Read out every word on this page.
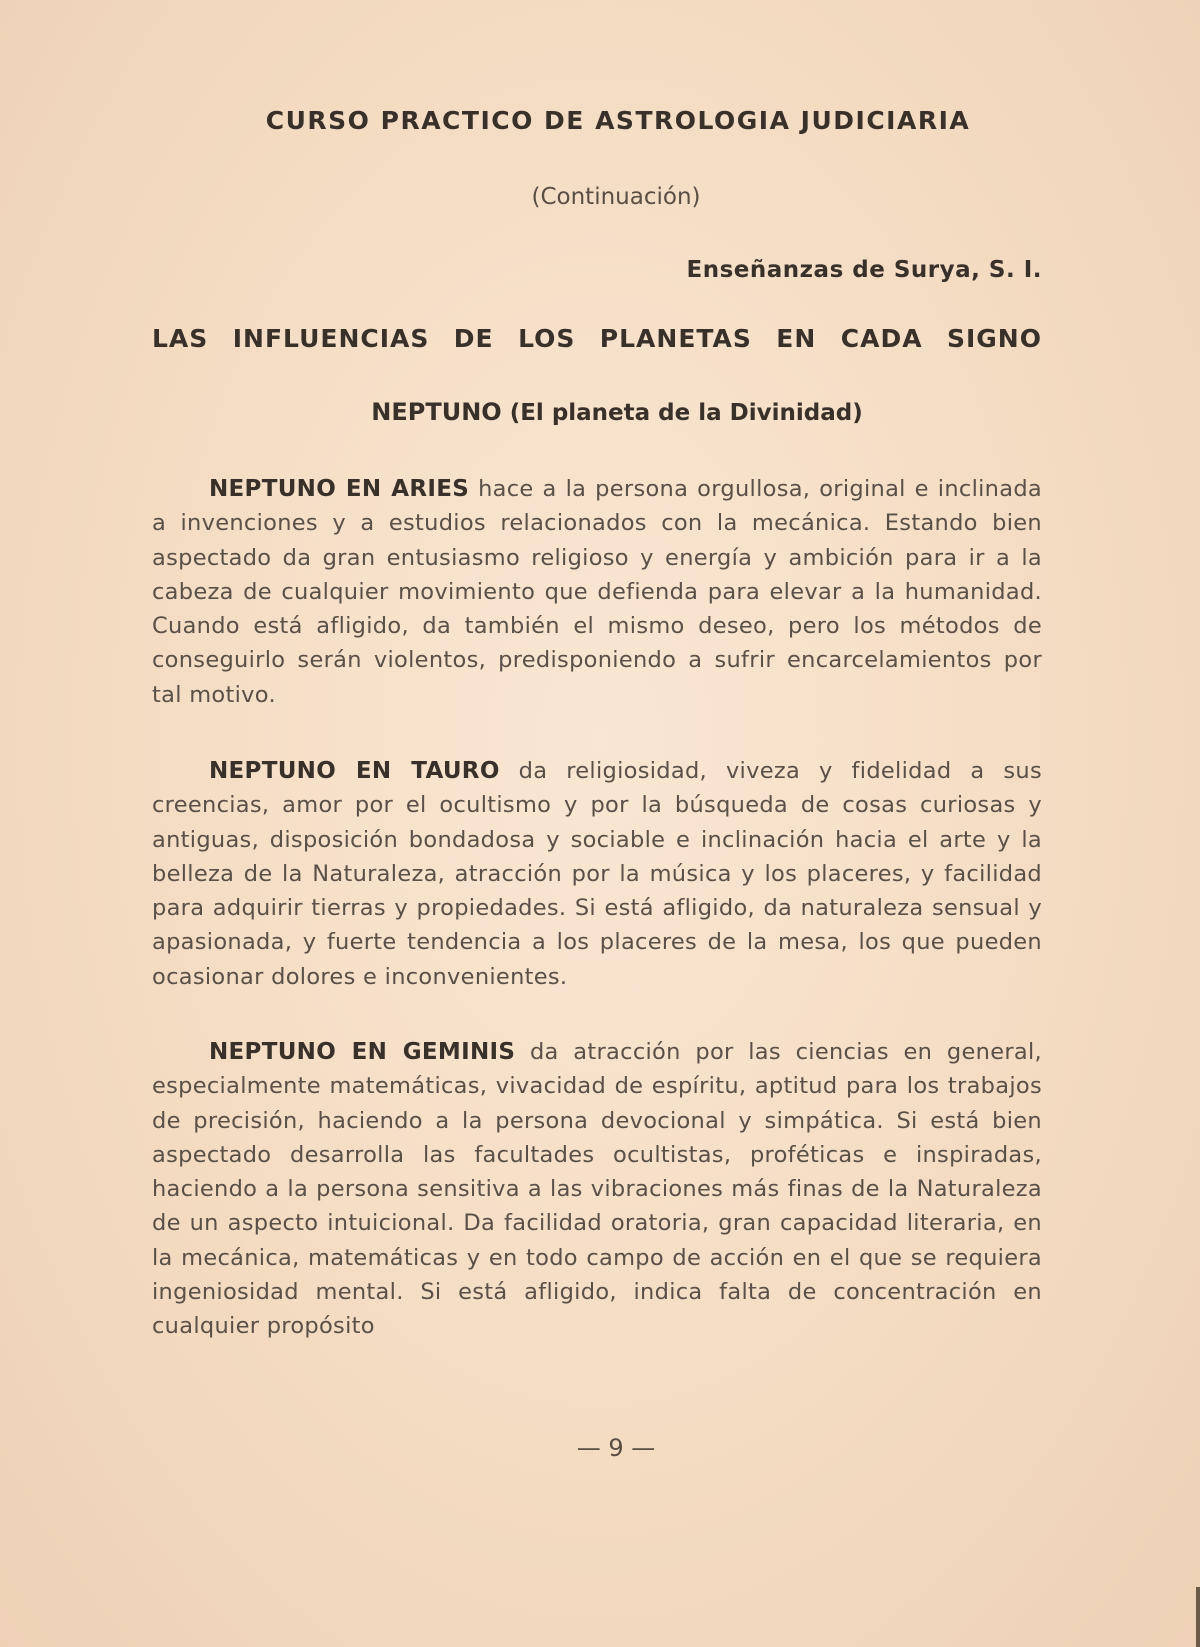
CURSO PRACTICO DE ASTROLOGIA JUDICIARIA
(Continuación)
Enseñanzas de Surya, S. I.
LAS INFLUENCIAS DE LOS PLANETAS EN CADA SIGNO
NEPTUNO (El planeta de la Divinidad)

NEPTUNO EN ARIES hace a la persona orgullosa, original e inclinada a invenciones y a estudios relacionados con la mecánica. Estando bien aspectado da gran entusiasmo religioso y energía y ambición para ir a la cabeza de cualquier movimiento que defienda para elevar a la humanidad. Cuando está afligido, da también el mismo deseo, pero los métodos de conseguirlo serán violentos, predisponiendo a sufrir encarcelamientos por tal motivo.

NEPTUNO EN TAURO da religiosidad, viveza y fidelidad a sus creencias, amor por el ocultismo y por la búsqueda de cosas curiosas y antiguas, disposición bondadosa y sociable e inclinación hacia el arte y la belleza de la Naturaleza, atracción por la música y los placeres, y facilidad para adquirir tierras y propiedades. Si está afligido, da naturaleza sensual y apasionada, y fuerte tendencia a los placeres de la mesa, los que pueden ocasionar dolores e inconvenientes.

NEPTUNO EN GEMINIS da atracción por las ciencias en general, especialmente matemáticas, vivacidad de espíritu, aptitud para los trabajos de precisión, haciendo a la persona devocional y simpática. Si está bien aspectado desarrolla las facultades ocultistas, proféticas e inspiradas, haciendo a la persona sensitiva a las vibraciones más finas de la Naturaleza de un aspecto intuicional. Da facilidad oratoria, gran capacidad literaria, en la mecánica, matemáticas y en todo campo de acción en el que se requiera ingeniosidad mental. Si está afligido, indica falta de concentración en cualquier propósito

— 9 —
